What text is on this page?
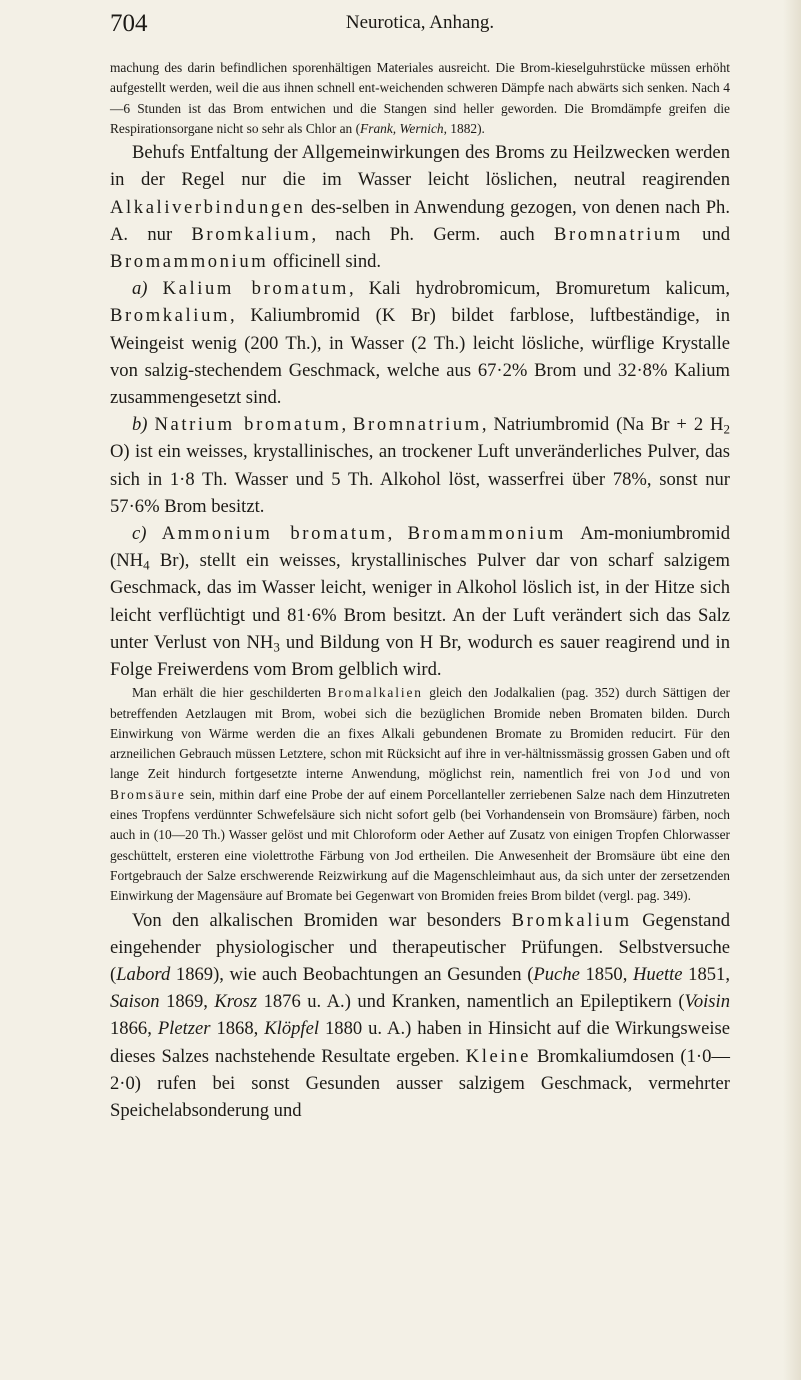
704	Neurotica, Anhang.

machung des darin befindlichen sporenhältigen Materiales ausreicht. Die Brom-kieselguhrstücke müssen erhöht aufgestellt werden, weil die aus ihnen schnell ent-weichenden schweren Dämpfe nach abwärts sich senken. Nach 4—6 Stunden ist das Brom entwichen und die Stangen sind heller geworden. Die Bromdämpfe greifen die Respirationsorgane nicht so sehr als Chlor an (Frank, Wernich, 1882).

Behufs Entfaltung der Allgemeinwirkungen des Broms zu Heilzwecken werden in der Regel nur die im Wasser leicht löslichen, neutral reagirenden Alkaliverbindungen des-selben in Anwendung gezogen, von denen nach Ph. A. nur Bromkalium, nach Ph. Germ. auch Bromnatrium und Bromammonium officinell sind.

a) Kalium bromatum, Kali hydrobromicum, Bromuretum kalicum, Bromkalium, Kaliumbromid (K Br) bildet farblose, luftbeständige, in Weingeist wenig (200 Th.), in Wasser (2 Th.) leicht lösliche, würflige Krystalle von salzig-stechendem Geschmack, welche aus 67·2% Brom und 32·8% Kalium zusammengesetzt sind.

b) Natrium bromatum, Bromnatrium, Natriumbromid (Na Br + 2 $H_2$ O) ist ein weisses, krystallinisches, an trockener Luft unveränderliches Pulver, das sich in 1·8 Th. Wasser und 5 Th. Alkohol löst, wasserfrei über 78%, sonst nur 57·6% Brom besitzt.

c) Ammonium bromatum, Bromammonium Am-moniumbromid ($NH_4$ Br), stellt ein weisses, krystallinisches Pulver dar von scharf salzigem Geschmack, das im Wasser leicht, weniger in Alkohol löslich ist, in der Hitze sich leicht verflüchtigt und 81·6% Brom besitzt. An der Luft verändert sich das Salz unter Verlust von $NH_3$ und Bildung von H Br, wodurch es sauer reagirend und in Folge Freiwerdens vom Brom gelblich wird.

Man erhält die hier geschilderten Bromalkalien gleich den Jodalkalien (pag. 352) durch Sättigen der betreffenden Aetzlaugen mit Brom, wobei sich die bezüglichen Bromide neben Bromaten bilden. Durch Einwirkung von Wärme werden die an fixes Alkali gebundenen Bromate zu Bromiden reducirt. Für den arzneilichen Gebrauch müssen Letztere, schon mit Rücksicht auf ihre in ver-hältnissmässig grossen Gaben und oft lange Zeit hindurch fortgesetzte interne Anwendung, möglichst rein, namentlich frei von Jod und von Bromsäure sein, mithin darf eine Probe der auf einem Porcellanteller zerriebenen Salze nach dem Hinzutreten eines Tropfens verdünnter Schwefelsäure sich nicht sofort gelb (bei Vorhandensein von Bromsäure) färben, noch auch in (10—20 Th.) Wasser gelöst und mit Chloroform oder Aether auf Zusatz von einigen Tropfen Chlorwasser geschüttelt, ersteren eine violettrothe Färbung von Jod ertheilen. Die Anwesenheit der Bromsäure übt eine den Fortgebrauch der Salze erschwerende Reizwirkung auf die Magenschleimhaut aus, da sich unter der zersetzenden Einwirkung der Magensäure auf Bromate bei Gegenwart von Bromiden freies Brom bildet (vergl. pag. 349).

Von den alkalischen Bromiden war besonders Bromkalium Gegenstand eingehender physiologischer und therapeutischer Prüfungen. Selbstversuche (Labord 1869), wie auch Beobachtungen an Gesunden (Puche 1850, Huette 1851, Saison 1869, Krosz 1876 u. A.) und Kranken, namentlich an Epileptikern (Voisin 1866, Pletzer 1868, Klöpfel 1880 u. A.) haben in Hinsicht auf die Wirkungsweise dieses Salzes nachstehende Resultate ergeben. Kleine Bromkaliumdosen (1·0—2·0) rufen bei sonst Gesunden ausser salzigem Geschmack, vermehrter Speichelabsonderung und
